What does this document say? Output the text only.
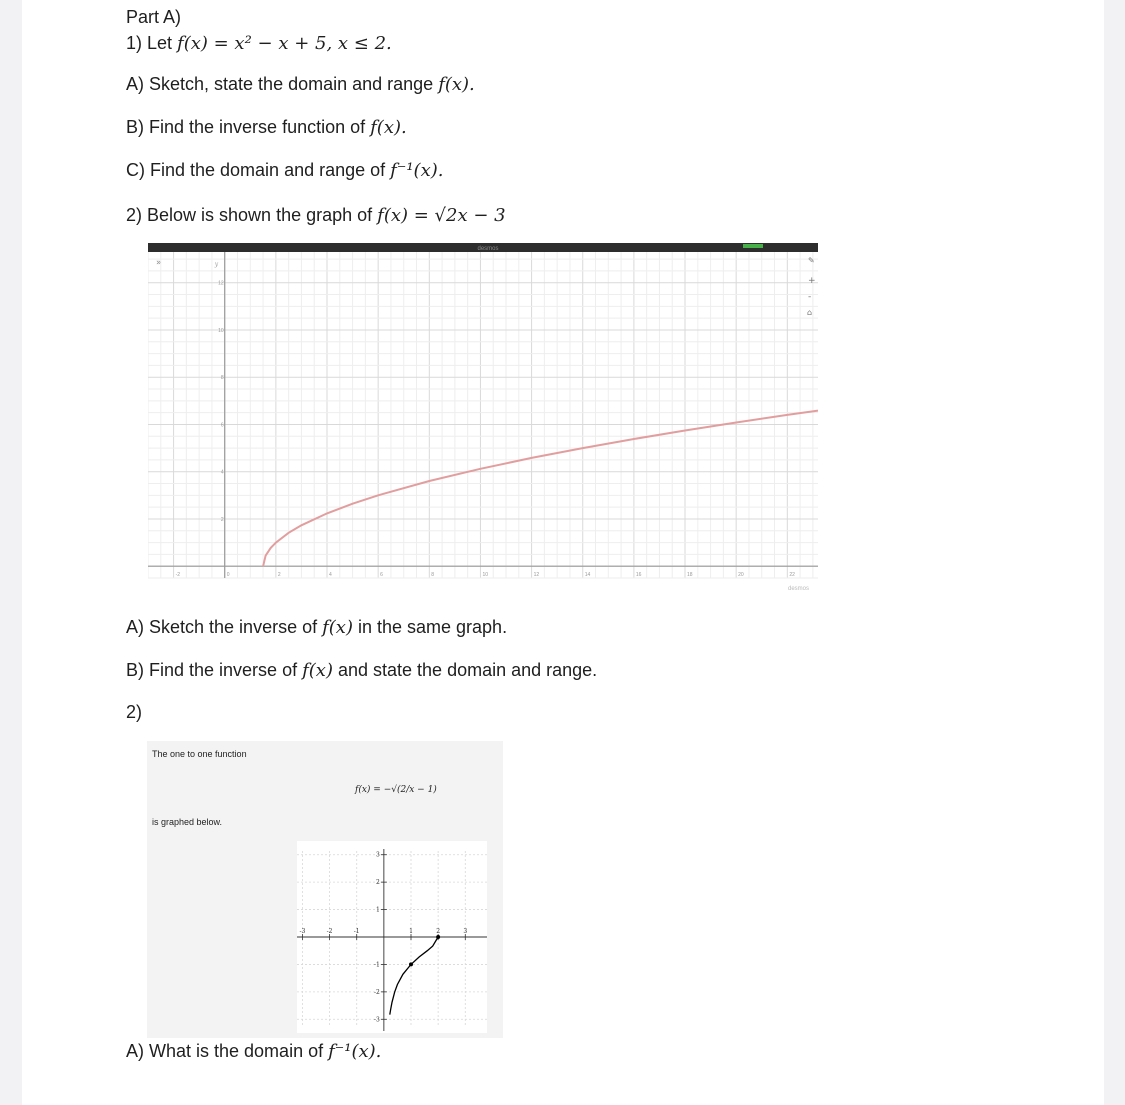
Part A)
1) Let f(x) = x² − x + 5, x ≤ 2.
A) Sketch, state the domain and range f(x).
B) Find the inverse function of f(x).
C) Find the domain and range of f⁻¹(x).
2) Below is shown the graph of f(x) = √2x − 3
desmos
»
-2	0	2	4	6	8	10	12	14	16	18	20	22
2
4
6
8
10
12
y	✎
+
-
⌂
desmos
A) Sketch the inverse of f(x) in the same graph.
B) Find the inverse of f(x) and state the domain and range.
2)
The one to one function
f(x) = −√(2/x − 1)
is graphed below.
-3	-2	-1	1	2	3
-3
-2
-1
1
2
3
A) What is the domain of f⁻¹(x).
